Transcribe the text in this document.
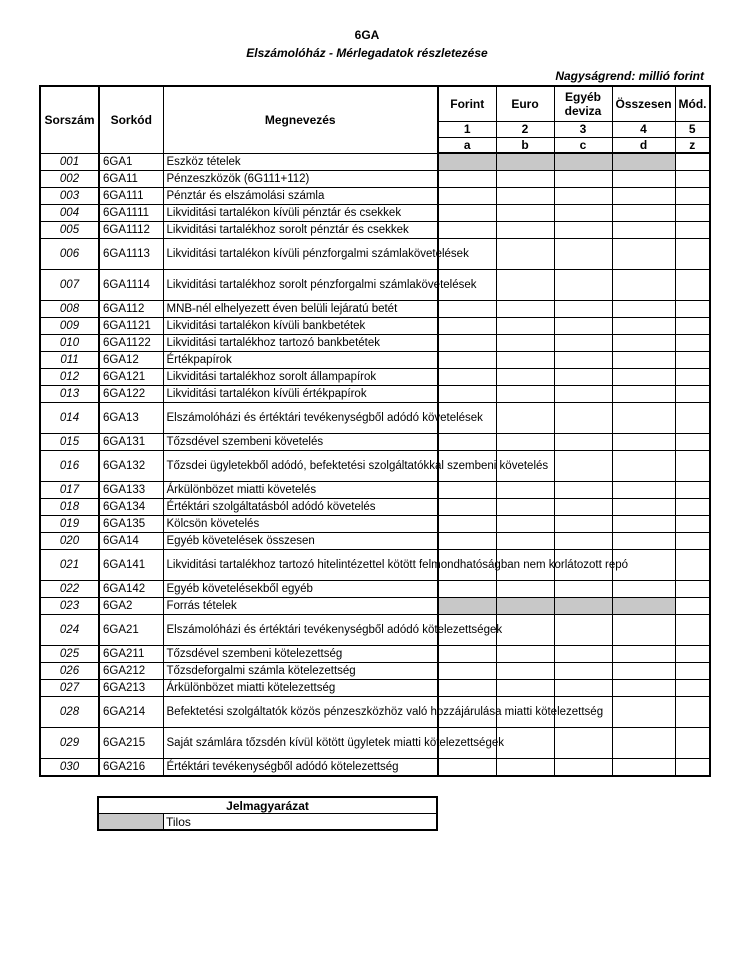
6GA
Elszámolóház - Mérlegadatok részletezése
Nagyságrend: millió forint
Sorszám	Sorkód	Megnevezés	Forint	Euro	Egyéb deviza	Összesen	Mód.
			1	2	3	4	5
			a	b	c	d	z
001	6GA1	Eszköz tételek					
002	6GA11	Pénzeszközök (6G111+112)					
003	6GA111	Pénztár és elszámolási számla					
004	6GA1111	Likviditási tartalékon kívüli pénztár és csekkek					
005	6GA1112	Likviditási tartalékhoz sorolt pénztár és csekkek					
006	6GA1113	Likviditási tartalékon kívüli pénzforgalmi számlakövetelések					
007	6GA1114	Likviditási tartalékhoz sorolt pénzforgalmi számlakövetelések					
008	6GA112	MNB-nél elhelyezett éven belüli lejáratú betét					
009	6GA1121	Likviditási tartalékon kívüli bankbetétek					
010	6GA1122	Likviditási tartalékhoz tartozó bankbetétek					
011	6GA12	Értékpapírok					
012	6GA121	Likviditási tartalékhoz sorolt állampapírok					
013	6GA122	Likviditási tartalékon kívüli értékpapírok					
014	6GA13	Elszámolóházi és értéktári tevékenységből adódó követelések					
015	6GA131	Tőzsdével szembeni követelés					
016	6GA132	Tőzsdei ügyletekből adódó, befektetési szolgáltatókkal szembeni követelés					
017	6GA133	Árkülönbözet miatti követelés					
018	6GA134	Értéktári szolgáltatásból adódó követelés					
019	6GA135	Kölcsön követelés					
020	6GA14	Egyéb követelések összesen					
021	6GA141	Likviditási tartalékhoz tartozó hitelintézettel kötött felmondhatóságban nem korlátozott repó					
022	6GA142	Egyéb követelésekből egyéb					
023	6GA2	Forrás tételek					
024	6GA21	Elszámolóházi és értéktári tevékenységből adódó kötelezettségek					
025	6GA211	Tőzsdével szembeni kötelezettség					
026	6GA212	Tőzsdeforgalmi számla kötelezettség					
027	6GA213	Árkülönbözet miatti kötelezettség					
028	6GA214	Befektetési szolgáltatók közös pénzeszközhöz való hozzájárulása miatti kötelezettség					
029	6GA215	Saját számlára tőzsdén kívül kötött ügyletek miatti kötelezettségek					
030	6GA216	Értéktári tevékenységből adódó kötelezettség					
Jelmagyarázat
	Tilos
